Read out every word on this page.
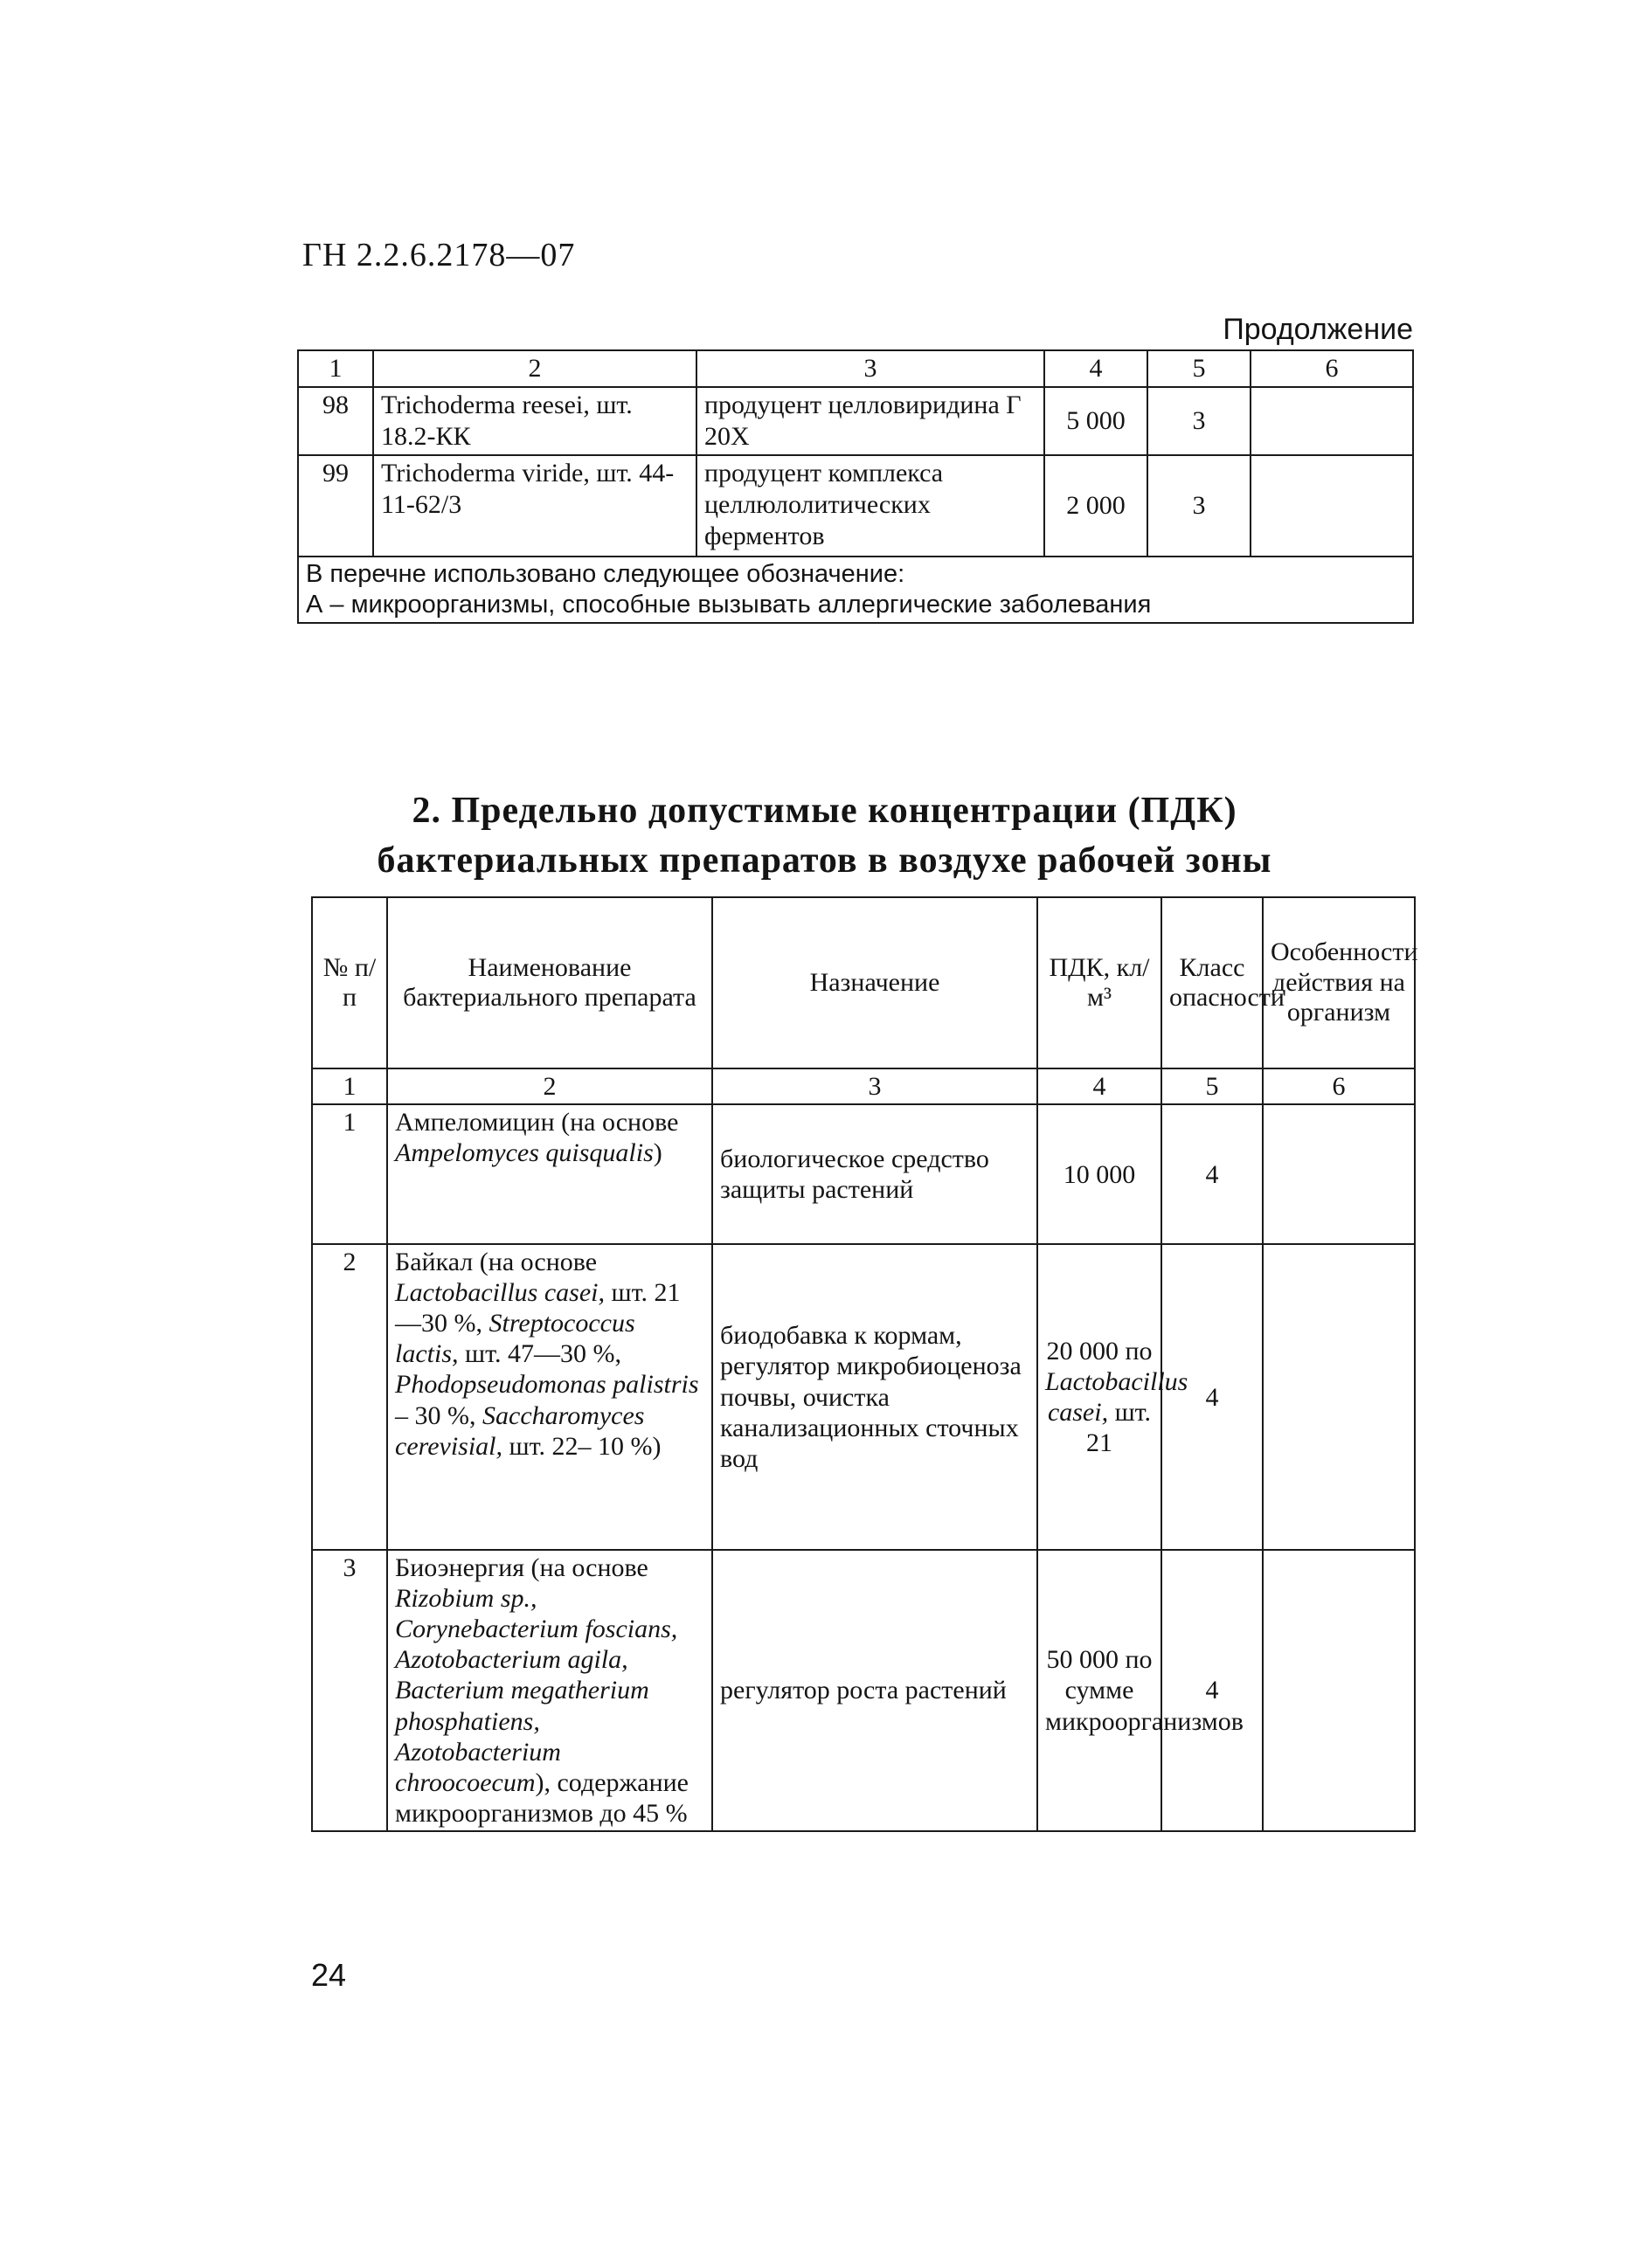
ГН 2.2.6.2178—07
Продолжение
1	2	3	4	5	6
98	Trichoderma reesei, шт. 18.2-КК	продуцент целловиридина Г 20Х	5 000	3	
99	Trichoderma viride, шт. 44-11-62/3	продуцент комплекса целлюлолитических ферментов	2 000	3	

В перечне использовано следующее обозначение:
А – микроорганизмы, способные вызывать аллергические заболевания					
2. Предельно допустимые концентрации (ПДК)
бактериальных препаратов в воздухе рабочей зоны
№ п/п	Наименование бактериального препарата	Назначение	ПДК, кл/м³	Класс опасности	Особенности действия на организм
1	2	3	4	5	6
1	Ампеломицин (на основе Ampelomyces quisqualis)	биологическое средство защиты растений	10 000	4	
2	Байкал (на основе Lactobacillus casei, шт. 21—30 %, Streptococcus lactis, шт. 47—30 %, Phodopseudomonas palistris – 30 %, Saccharomyces cerevisial, шт. 22– 10 %)	биодобавка к кормам, регулятор микробиоценоза почвы, очистка канализационных сточных вод	20 000 по Lactobacillus casei, шт. 21	4	
3	Биоэнергия (на основе Rizobium sp., Corynebacterium foscians, Azotobacterium agila, Bacterium megatherium phosphatiens, Azotobacterium chroocoecum), содержание микроорганизмов до 45 %	регулятор роста растений	50 000 по сумме микроорганизмов	4	
24
